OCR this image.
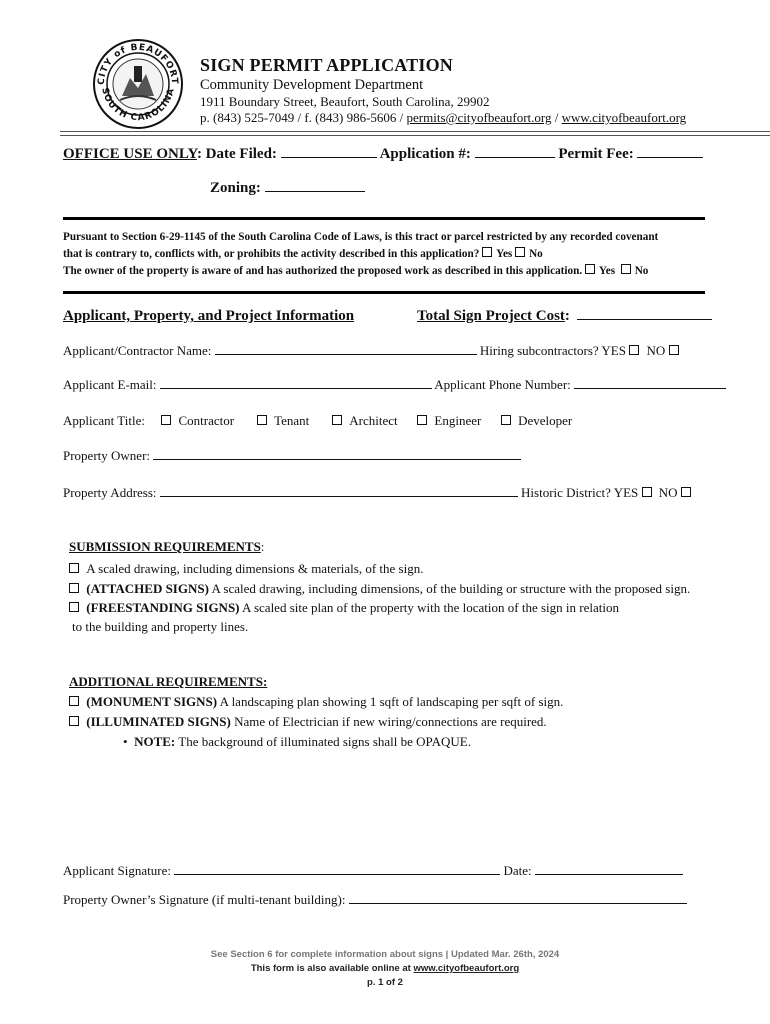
CITY of BEAUFORT
SOUTH CAROLINA
SIGN PERMIT APPLICATION
Community Development Department
1911 Boundary Street, Beaufort, South Carolina, 29902
p. (843) 525-7049 / f. (843) 986-5606 / permits@cityofbeaufort.org / www.cityofbeaufort.org
OFFICE USE ONLY: Date Filed:	Application #:	Permit Fee:
Zoning:
Pursuant to Section 6-29-1145 of the South Carolina Code of Laws, is this tract or parcel restricted by any recorded covenant
that is contrary to, conflicts with, or prohibits the activity described in this application? Yes No
The owner of the property is aware of and has authorized the proposed work as described in this application. Yes No
Applicant, Property, and Project Information	Total Sign Project Cost:
Applicant/Contractor Name:	Hiring subcontractors? YES  NO
Applicant E-mail:	Applicant Phone Number:
Applicant Title:	Contractor	Tenant	Architect	Engineer	Developer
Property Owner:
Property Address:	Historic District? YES  NO
SUBMISSION REQUIREMENTS:
A scaled drawing, including dimensions & materials, of the sign.
(ATTACHED SIGNS) A scaled drawing, including dimensions, of the building or structure with the proposed sign.
(FREESTANDING SIGNS) A scaled site plan of the property with the location of the sign in relation
to the building and property lines.
ADDITIONAL REQUIREMENTS:
(MONUMENT SIGNS) A landscaping plan showing 1 sqft of landscaping per sqft of sign.
(ILLUMINATED SIGNS) Name of Electrician if new wiring/connections are required.
• NOTE: The background of illuminated signs shall be OPAQUE.
Applicant Signature:	Date:
Property Owner’s Signature (if multi-tenant building):
See Section 6 for complete information about signs | Updated Mar. 26th, 2024
This form is also available online at www.cityofbeaufort.org
p. 1 of 2
